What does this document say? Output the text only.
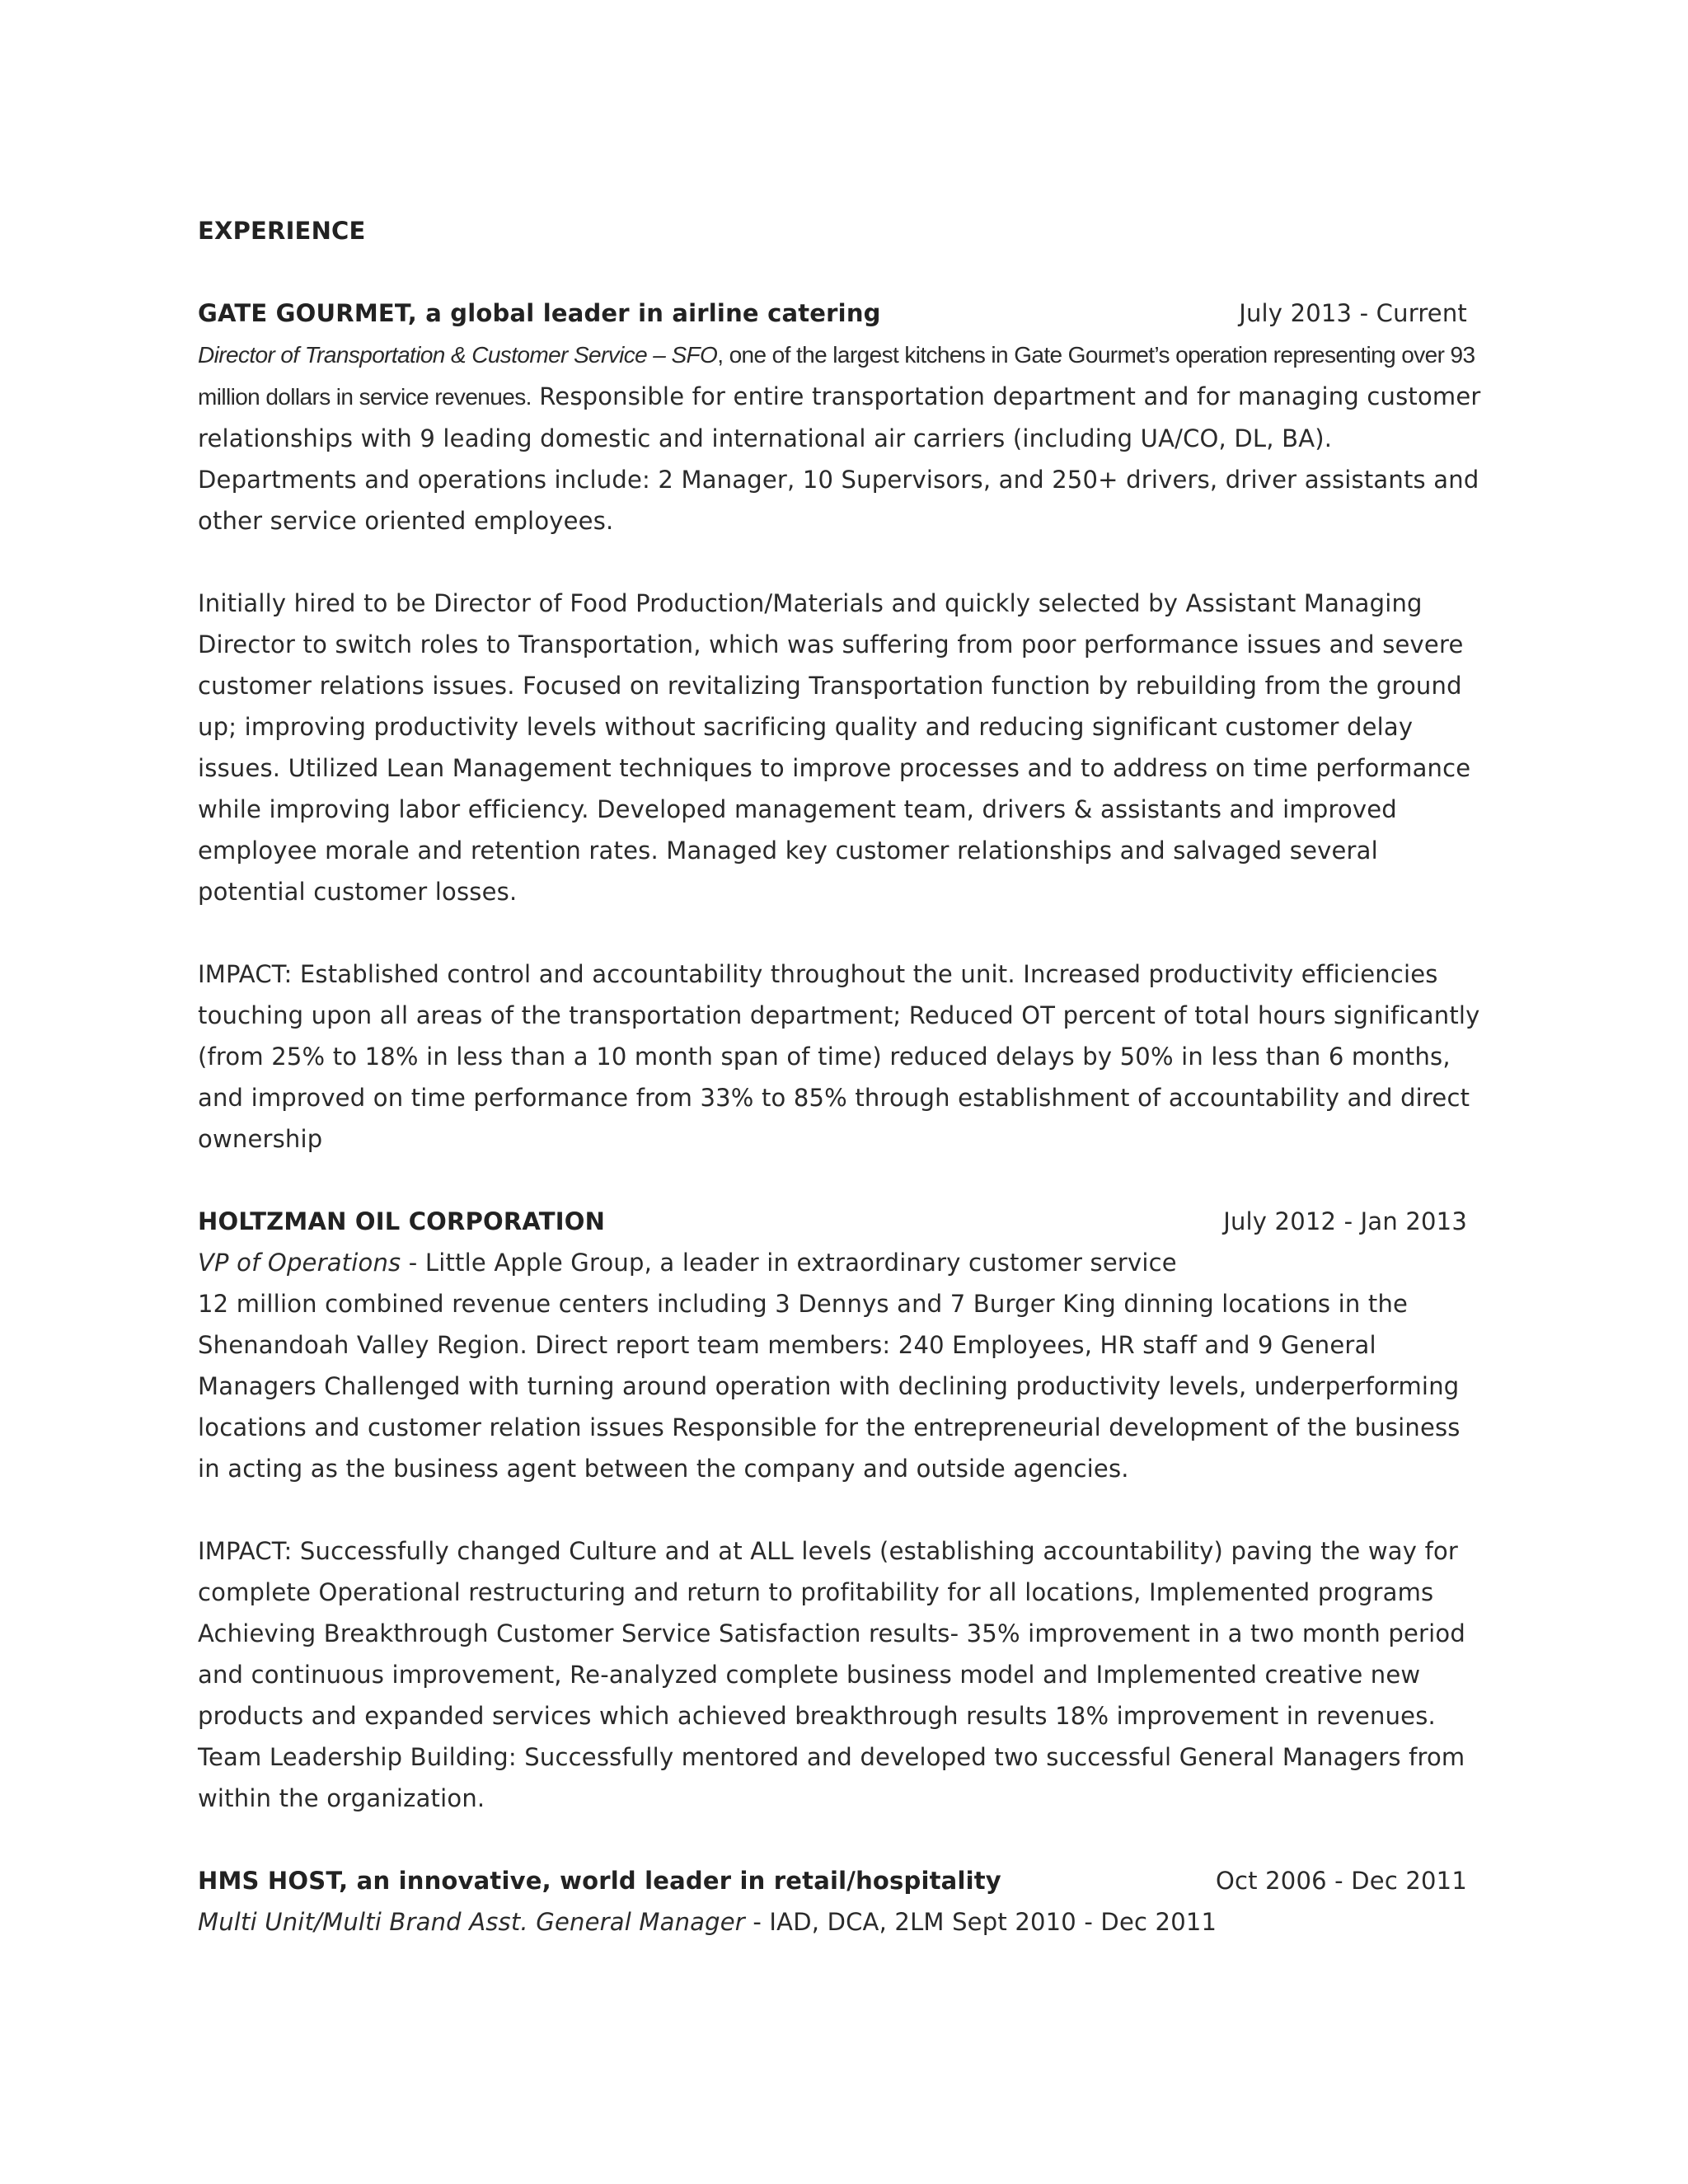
EXPERIENCE

GATE GOURMET, a global leader in airline catering	July 2013 - Current

Director of Transportation & Customer Service – SFO, one of the largest kitchens in Gate Gourmet’s operation representing over 93 million dollars in service revenues. Responsible for entire transportation department and for managing customer relationships with 9 leading domestic and international air carriers (including UA/CO, DL, BA). Departments and operations include: 2 Manager, 10 Supervisors, and 250+ drivers, driver assistants and other service oriented employees.

Initially hired to be Director of Food Production/Materials and quickly selected by Assistant Managing Director to switch roles to Transportation, which was suffering from poor performance issues and severe customer relations issues. Focused on revitalizing Transportation function by rebuilding from the ground up; improving productivity levels without sacrificing quality and reducing significant customer delay issues. Utilized Lean Management techniques to improve processes and to address on time performance while improving labor efficiency. Developed management team, drivers & assistants and improved employee morale and retention rates. Managed key customer relationships and salvaged several potential customer losses.

IMPACT: Established control and accountability throughout the unit. Increased productivity efficiencies touching upon all areas of the transportation department; Reduced OT percent of total hours significantly (from 25% to 18% in less than a 10 month span of time) reduced delays by 50% in less than 6 months, and improved on time performance from 33% to 85% through establishment of accountability and direct ownership

HOLTZMAN OIL CORPORATION	July 2012 - Jan 2013

VP of Operations - Little Apple Group, a leader in extraordinary customer service

12 million combined revenue centers including 3 Dennys and 7 Burger King dinning locations in the Shenandoah Valley Region. Direct report team members: 240 Employees, HR staff and 9 General Managers Challenged with turning around operation with declining productivity levels, underperforming locations and customer relation issues Responsible for the entrepreneurial development of the business in acting as the business agent between the company and outside agencies.

IMPACT: Successfully changed Culture and at ALL levels (establishing accountability) paving the way for complete Operational restructuring and return to profitability for all locations, Implemented programs Achieving Breakthrough Customer Service Satisfaction results- 35% improvement in a two month period and continuous improvement, Re-analyzed complete business model and Implemented creative new products and expanded services which achieved breakthrough results 18% improvement in revenues. Team Leadership Building: Successfully mentored and developed two successful General Managers from within the organization.

HMS HOST, an innovative, world leader in retail/hospitality	Oct 2006 - Dec 2011

Multi Unit/Multi Brand Asst. General Manager - IAD, DCA, 2LM Sept 2010 - Dec 2011
